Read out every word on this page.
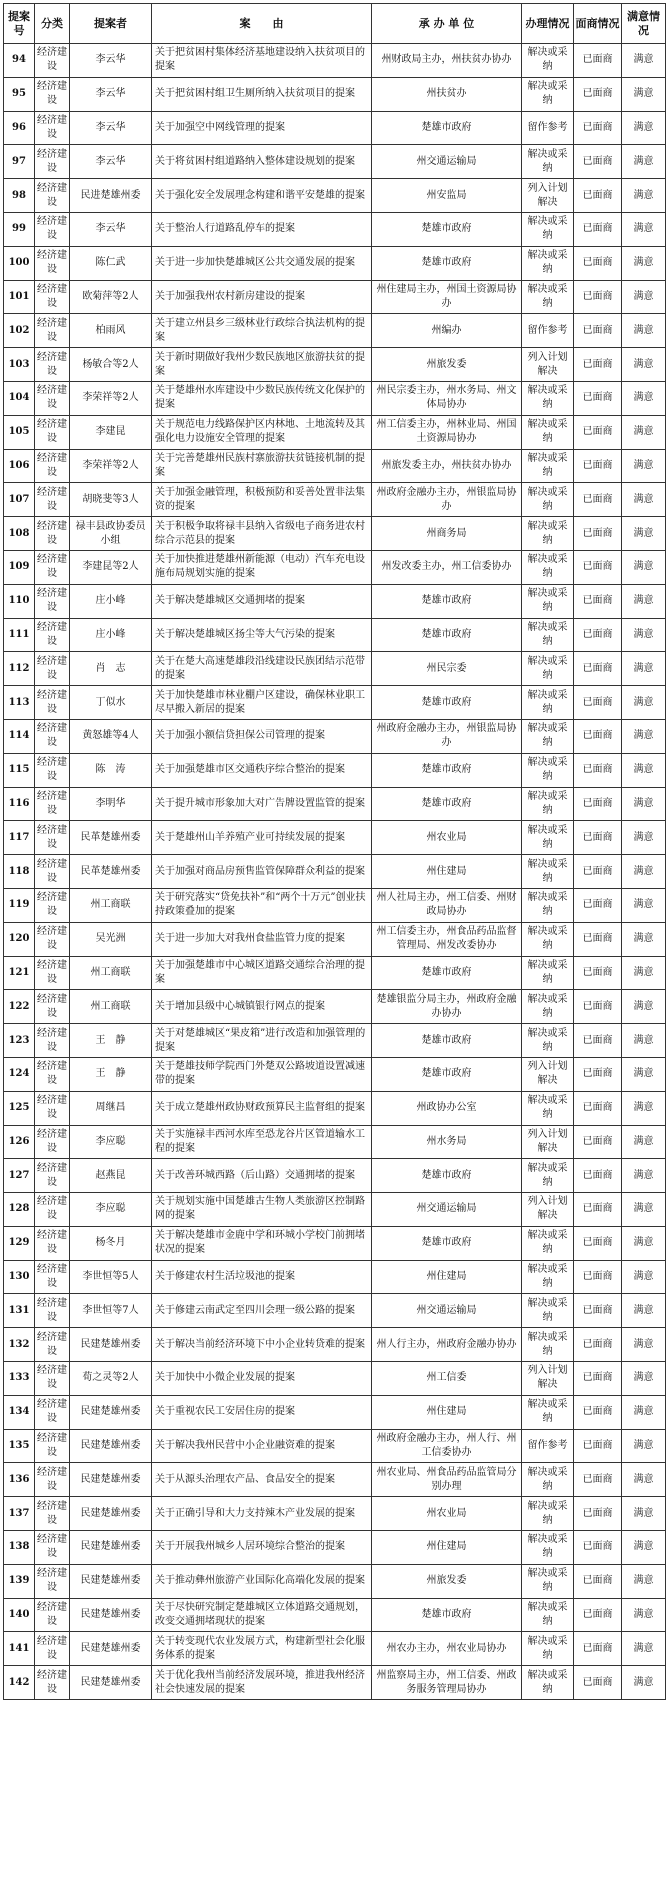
提案号	分类	提案者	案　　由	承 办 单 位	办理情况	面商情况	满意情况
94	经济建设	李云华	关于把贫困村集体经济基地建设纳入扶贫项目的提案	州财政局主办，州扶贫办协办	解决或采纳	已面商	满意
95	经济建设	李云华	关于把贫困村组卫生厕所纳入扶贫项目的提案	州扶贫办	解决或采纳	已面商	满意
96	经济建设	李云华	关于加强空中网线管理的提案	楚雄市政府	留作参考	已面商	满意
97	经济建设	李云华	关于将贫困村组道路纳入整体建设规划的提案	州交通运输局	解决或采纳	已面商	满意
98	经济建设	民进楚雄州委	关于强化安全发展理念构建和谐平安楚雄的提案	州安监局	列入计划解决	已面商	满意
99	经济建设	李云华	关于整治人行道路乱停车的提案	楚雄市政府	解决或采纳	已面商	满意
100	经济建设	陈仁武	关于进一步加快楚雄城区公共交通发展的提案	楚雄市政府	解决或采纳	已面商	满意
101	经济建设	欧菊萍等2人	关于加强我州农村新房建设的提案	州住建局主办，州国土资源局协办	解决或采纳	已面商	满意
102	经济建设	柏雨风	关于建立州县乡三级林业行政综合执法机构的提案	州编办	留作参考	已面商	满意
103	经济建设	杨敏合等2人	关于新时期做好我州少数民族地区旅游扶贫的提案	州旅发委	列入计划解决	已面商	满意
104	经济建设	李荣祥等2人	关于楚雄州水库建设中少数民族传统文化保护的提案	州民宗委主办，州水务局、州文体局协办	解决或采纳	已面商	满意
105	经济建设	李建昆	关于规范电力线路保护区内林地、土地流转及其强化电力设施安全管理的提案	州工信委主办，州林业局、州国土资源局协办	解决或采纳	已面商	满意
106	经济建设	李荣祥等2人	关于完善楚雄州民族村寨旅游扶贫链接机制的提案	州旅发委主办，州扶贫办协办	解决或采纳	已面商	满意
107	经济建设	胡晓斐等3人	关于加强金融管理，积极预防和妥善处置非法集资的提案	州政府金融办主办，州银监局协办	解决或采纳	已面商	满意
108	经济建设	禄丰县政协委员小组	关于积极争取将禄丰县纳入省级电子商务进农村综合示范县的提案	州商务局	解决或采纳	已面商	满意
109	经济建设	李建昆等2人	关于加快推进楚雄州新能源（电动）汽车充电设施布局规划实施的提案	州发改委主办，州工信委协办	解决或采纳	已面商	满意
110	经济建设	庄小峰	关于解决楚雄城区交通拥堵的提案	楚雄市政府	解决或采纳	已面商	满意
111	经济建设	庄小峰	关于解决楚雄城区扬尘等大气污染的提案	楚雄市政府	解决或采纳	已面商	满意
112	经济建设	肖　志	关于在楚大高速楚雄段沿线建设民族团结示范带的提案	州民宗委	解决或采纳	已面商	满意
113	经济建设	丁似水	关于加快楚雄市林业棚户区建设，确保林业职工尽早搬入新居的提案	楚雄市政府	解决或采纳	已面商	满意
114	经济建设	黄怒雄等4人	关于加强小额信贷担保公司管理的提案	州政府金融办主办，州银监局协办	解决或采纳	已面商	满意
115	经济建设	陈　涛	关于加强楚雄市区交通秩序综合整治的提案	楚雄市政府	解决或采纳	已面商	满意
116	经济建设	李明华	关于提升城市形象加大对广告牌设置监管的提案	楚雄市政府	解决或采纳	已面商	满意
117	经济建设	民革楚雄州委	关于楚雄州山羊养殖产业可持续发展的提案	州农业局	解决或采纳	已面商	满意
118	经济建设	民革楚雄州委	关于加强对商品房预售监管保障群众利益的提案	州住建局	解决或采纳	已面商	满意
119	经济建设	州工商联	关于研究落实“贷免扶补”和“两个十万元”创业扶持政策叠加的提案	州人社局主办，州工信委、州财政局协办	解决或采纳	已面商	满意
120	经济建设	吴光洲	关于进一步加大对我州食盐监管力度的提案	州工信委主办，州食品药品监督管理局、州发改委协办	解决或采纳	已面商	满意
121	经济建设	州工商联	关于加强楚雄市中心城区道路交通综合治理的提案	楚雄市政府	解决或采纳	已面商	满意
122	经济建设	州工商联	关于增加县级中心城镇银行网点的提案	楚雄银监分局主办，州政府金融办协办	解决或采纳	已面商	满意
123	经济建设	王　静	关于对楚雄城区“果皮箱”进行改造和加强管理的提案	楚雄市政府	解决或采纳	已面商	满意
124	经济建设	王　静	关于楚雄技师学院西门外楚双公路坡道设置减速带的提案	楚雄市政府	列入计划解决	已面商	满意
125	经济建设	周继昌	关于成立楚雄州政协财政预算民主监督组的提案	州政协办公室	解决或采纳	已面商	满意
126	经济建设	李应聪	关于实施禄丰西河水库至恐龙谷片区管道输水工程的提案	州水务局	列入计划解决	已面商	满意
127	经济建设	赵燕昆	关于改善环城西路（后山路）交通拥堵的提案	楚雄市政府	解决或采纳	已面商	满意
128	经济建设	李应聪	关于规划实施中国楚雄古生物人类旅游区控制路网的提案	州交通运输局	列入计划解决	已面商	满意
129	经济建设	杨冬月	关于解决楚雄市金鹿中学和环城小学校门前拥堵状况的提案	楚雄市政府	解决或采纳	已面商	满意
130	经济建设	李世恒等5人	关于修建农村生活垃圾池的提案	州住建局	解决或采纳	已面商	满意
131	经济建设	李世恒等7人	关于修建云南武定至四川会理一级公路的提案	州交通运输局	解决或采纳	已面商	满意
132	经济建设	民建楚雄州委	关于解决当前经济环境下中小企业转贷难的提案	州人行主办，州政府金融办协办	解决或采纳	已面商	满意
133	经济建设	荀之灵等2人	关于加快中小微企业发展的提案	州工信委	列入计划解决	已面商	满意
134	经济建设	民建楚雄州委	关于重视农民工安居住房的提案	州住建局	解决或采纳	已面商	满意
135	经济建设	民建楚雄州委	关于解决我州民营中小企业融资难的提案	州政府金融办主办，州人行、州工信委协办	留作参考	已面商	满意
136	经济建设	民建楚雄州委	关于从源头治理农产品、食品安全的提案	州农业局、州食品药品监管局分别办理	解决或采纳	已面商	满意
137	经济建设	民建楚雄州委	关于正确引导和大力支持辣木产业发展的提案	州农业局	解决或采纳	已面商	满意
138	经济建设	民建楚雄州委	关于开展我州城乡人居环境综合整治的提案	州住建局	解决或采纳	已面商	满意
139	经济建设	民建楚雄州委	关于推动彝州旅游产业国际化高端化发展的提案	州旅发委	解决或采纳	已面商	满意
140	经济建设	民建楚雄州委	关于尽快研究制定楚雄城区立体道路交通规划，改变交通拥堵现状的提案	楚雄市政府	解决或采纳	已面商	满意
141	经济建设	民建楚雄州委	关于转变现代农业发展方式，构建新型社会化服务体系的提案	州农办主办，州农业局协办	解决或采纳	已面商	满意
142	经济建设	民建楚雄州委	关于优化我州当前经济发展环境，推进我州经济社会快速发展的提案	州监察局主办，州工信委、州政务服务管理局协办	解决或采纳	已面商	满意
